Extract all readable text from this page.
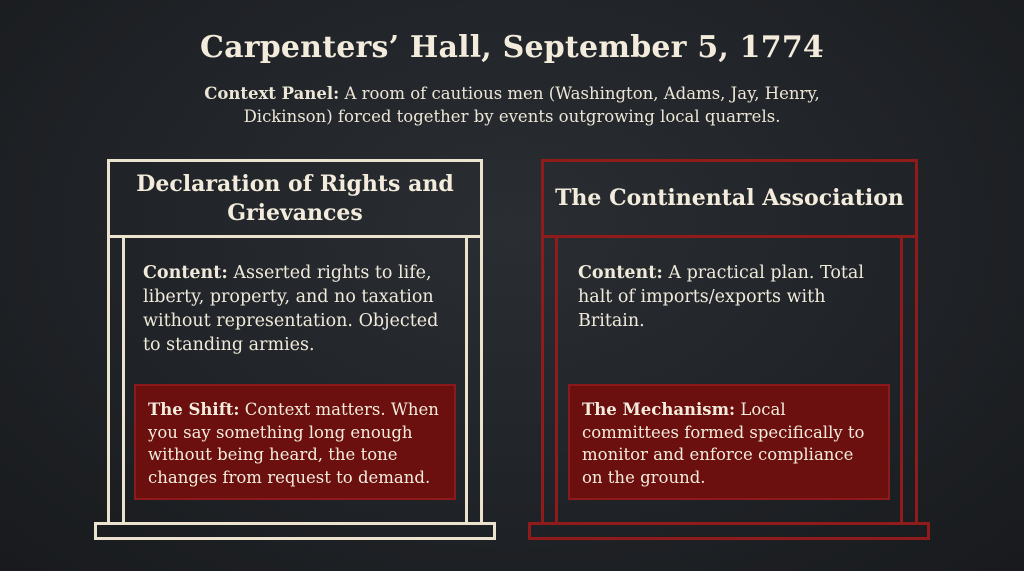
Carpenters’ Hall, September 5, 1774
Context Panel: A room of cautious men (Washington, Adams, Jay, Henry, Dickinson) forced together by events outgrowing local quarrels.
Declaration of Rights and Grievances
Content: Asserted rights to life, liberty, property, and no taxation without representation. Objected to standing armies.
The Shift: Context matters. When you say something long enough without being heard, the tone changes from request to demand.
The Continental Association
Content: A practical plan. Total halt of imports/exports with Britain.
The Mechanism: Local committees formed specifically to monitor and enforce compliance on the ground.
